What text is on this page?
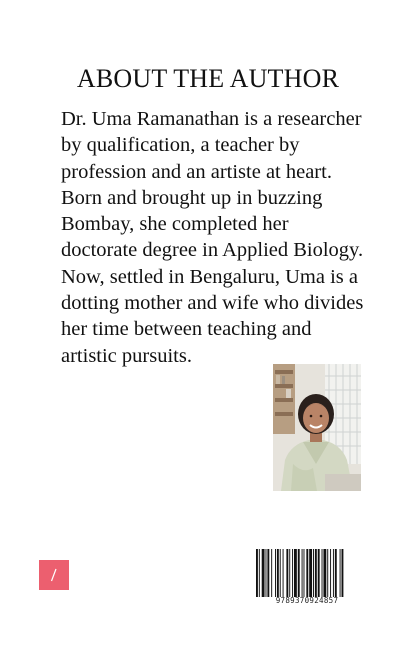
ABOUT THE AUTHOR
Dr. Uma Ramanathan is a researcher
by qualification, a teacher by
profession and an artiste at heart.
Born and brought up in buzzing
Bombay, she completed her
doctorate degree in Applied Biology.
Now, settled in Bengaluru, Uma is a
dotting mother and wife who divides
her time between teaching and
artistic pursuits.
9789370924857
